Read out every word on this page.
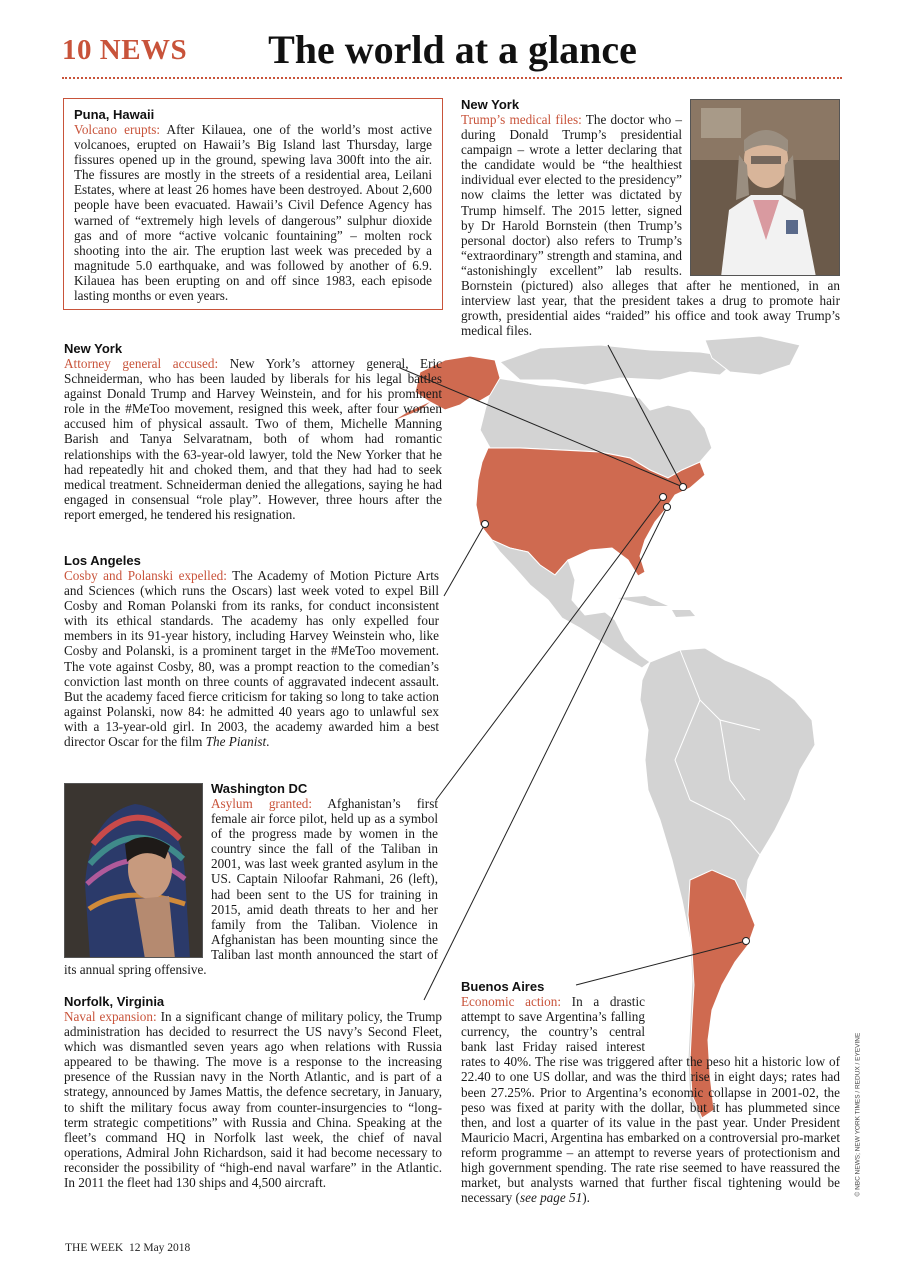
10 NEWS	The world at a glance
Puna, Hawaii
Volcano erupts: After Kilauea, one of the world’s most active volcanoes, erupted on Hawaii’s Big Island last Thursday, large fissures opened up in the ground, spewing lava 300ft into the air. The fissures are mostly in the streets of a residential area, Leilani Estates, where at least 26 homes have been destroyed. About 2,600 people have been evacuated. Hawaii’s Civil Defence Agency has warned of “extremely high levels of dangerous” sulphur dioxide gas and of more “active volcanic fountaining” – molten rock shooting into the air. The eruption last week was preceded by a magnitude 5.0 earthquake, and was followed by another of 6.9. Kilauea has been erupting on and off since 1983, each episode lasting months or even years.
New York
Trump’s medical files: The doctor who – during Donald Trump’s presidential campaign – wrote a letter declaring that the candidate would be “the healthiest individual ever elected to the presidency” now claims the letter was dictated by Trump himself. The 2015 letter, signed by Dr Harold Bornstein (then Trump’s personal doctor) also refers to Trump’s “extraordinary” strength and stamina, and “astonishingly excellent” lab results. Bornstein (pictured) also alleges that after he mentioned, in an interview last year, that the president takes a drug to promote hair growth, presidential aides “raided” his office and took away Trump’s medical files.
New York
Attorney general accused: New York’s attorney general, Eric Schneiderman, who has been lauded by liberals for his legal battles against Donald Trump and Harvey Weinstein, and for his prominent role in the #MeToo movement, resigned this week, after four women accused him of physical assault. Two of them, Michelle Manning Barish and Tanya Selvaratnam, both of whom had romantic relationships with the 63-year-old lawyer, told the New Yorker that he had repeatedly hit and choked them, and that they had had to seek medical treatment. Schneiderman denied the allegations, saying he had engaged in consensual “role play”. However, three hours after the report emerged, he tendered his resignation.
Los Angeles
Cosby and Polanski expelled: The Academy of Motion Picture Arts and Sciences (which runs the Oscars) last week voted to expel Bill Cosby and Roman Polanski from its ranks, for conduct inconsistent with its ethical standards. The academy has only expelled four members in its 91-year history, including Harvey Weinstein who, like Cosby and Polanski, is a prominent target in the #MeToo movement. The vote against Cosby, 80, was a prompt reaction to the comedian’s conviction last month on three counts of aggravated indecent assault. But the academy faced fierce criticism for taking so long to take action against Polanski, now 84: he admitted 40 years ago to unlawful sex with a 13-year-old girl. In 2003, the academy awarded him a best director Oscar for the film The Pianist.
Washington DC
Asylum granted: Afghanistan’s first female air force pilot, held up as a symbol of the progress made by women in the country since the fall of the Taliban in 2001, was last week granted asylum in the US. Captain Niloofar Rahmani, 26 (left), had been sent to the US for training in 2015, amid death threats to her and her family from the Taliban. Violence in Afghanistan has been mounting since the Taliban last month announced the start of its annual spring offensive.
Norfolk, Virginia
Naval expansion: In a significant change of military policy, the Trump administration has decided to resurrect the US navy’s Second Fleet, which was dismantled seven years ago when relations with Russia appeared to be thawing. The move is a response to the increasing presence of the Russian navy in the North Atlantic, and is part of a strategy, announced by James Mattis, the defence secretary, in January, to shift the military focus away from counter-insurgencies to “long-term strategic competitions” with Russia and China. Speaking at the fleet’s command HQ in Norfolk last week, the chief of naval operations, Admiral John Richardson, said it had become necessary to reconsider the possibility of “high-end naval warfare” in the Atlantic. In 2011 the fleet had 130 ships and 4,500 aircraft.
Buenos Aires
Economic action: In a drastic attempt to save Argentina’s falling currency, the country’s central bank last Friday raised interest rates to 40%. The rise was triggered after the peso hit a historic low of 22.40 to one US dollar, and was the third rise in eight days; rates had been 27.25%. Prior to Argentina’s economic collapse in 2001-02, the peso was fixed at parity with the dollar, but it has plummeted since then, and lost a quarter of its value in the past year. Under President Mauricio Macri, Argentina has embarked on a controversial pro-market reform programme – an attempt to reverse years of protectionism and high government spending. The rate rise seemed to have reassured the market, but analysts warned that further fiscal tightening would be necessary (see page 51).
© NBC NEWS; NEW YORK TIMES / REDUX / EYEVINE
THE WEEK  12 May 2018
